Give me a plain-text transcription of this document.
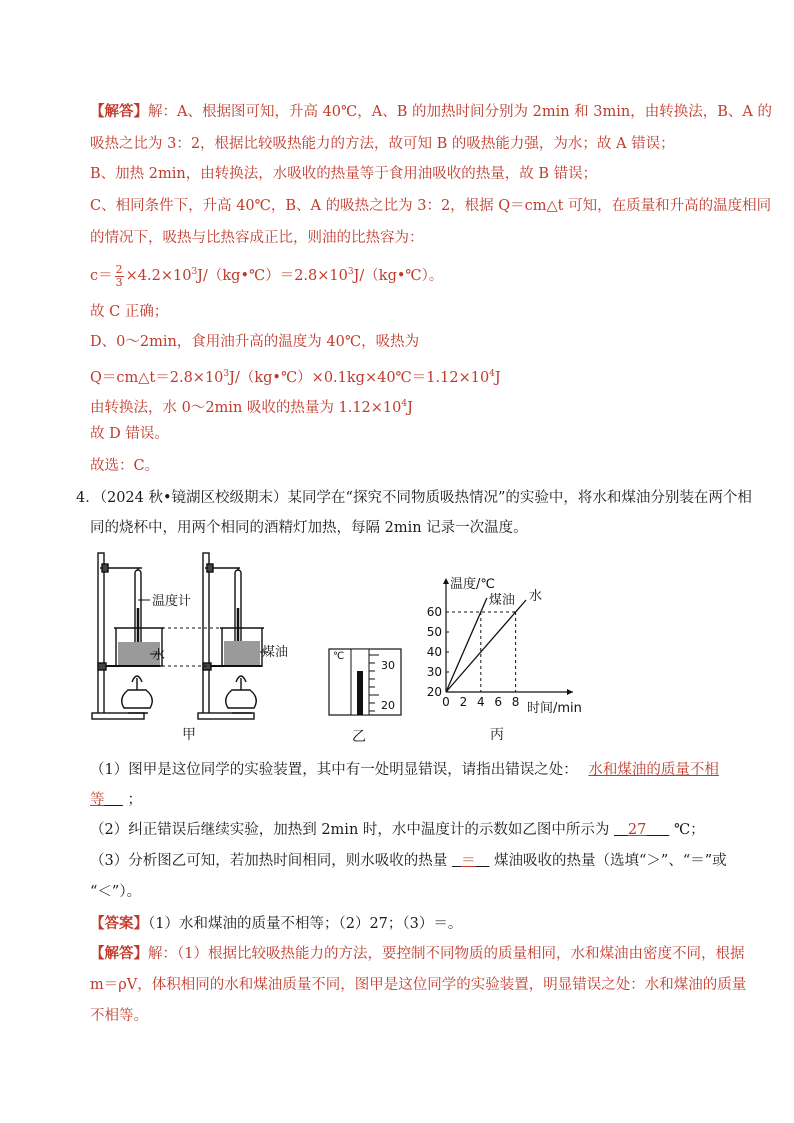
【解答】解：A、根据图可知，升高 40℃，A、B 的加热时间分别为 2min 和 3min，由转换法，B、A 的
吸热之比为 3：2，根据比较吸热能力的方法，故可知 B 的吸热能力强，为水；故 A 错误；
B、加热 2min，由转换法，水吸收的热量等于食用油吸收的热量，故 B 错误；
C、相同条件下，升高 40℃，B、A 的吸热之比为 3：2，根据 Q＝cm△t 可知，在质量和升高的温度相同
的情况下，吸热与比热容成正比，则油的比热容为：
$c= \frac{2}{3}$ $\times 4.2\times 10^3J/(kg•℃)=2.8\times 10^3J/(kg•℃)$。
故 C 正确；
D、0～2min，食用油升高的温度为 40℃，吸热为
$Q=cm\triangle t=2.8\times 10^3J/(kg•℃)\times 0.1kg\times 40℃=1.12\times 10^4J$
由转换法，水 0～2min 吸收的热量为 $1.12\times 10^4J$
故 D 错误。
故选：C。
4．（2024 秋•镜湖区校级期末）某同学在“探究不同物质吸热情况”的实验中，将水和煤油分别装在两个相
同的烧杯中，用两个相同的酒精灯加热，每隔 2min 记录一次温度。
温度计
水	煤油
甲
℃
30
20
乙
0 2 4 6 8
20
30
40
50
60
煤油 水
温度/℃
时间/min
丙
（1）图甲是这位同学的实验装置，其中有一处明显错误，请指出错误之处： 水和煤油的质量不相
等 ；
（2）纠正错误后继续实验，加热到 2min 时，水中温度计的示数如乙图中所示为 27 ℃；
（3）分析图乙可知，若加热时间相同，则水吸收的热量 ＝ 煤油吸收的热量（选填“＞”、“＝”或
“＜”）。
【答案】（1）水和煤油的质量不相等；（2）27；（3）＝。
【解答】解：（1）根据比较吸热能力的方法，要控制不同物质的质量相同，水和煤油由密度不同，根据
m＝ρV，体积相同的水和煤油质量不同，图甲是这位同学的实验装置，明显错误之处：水和煤油的质量
不相等。
